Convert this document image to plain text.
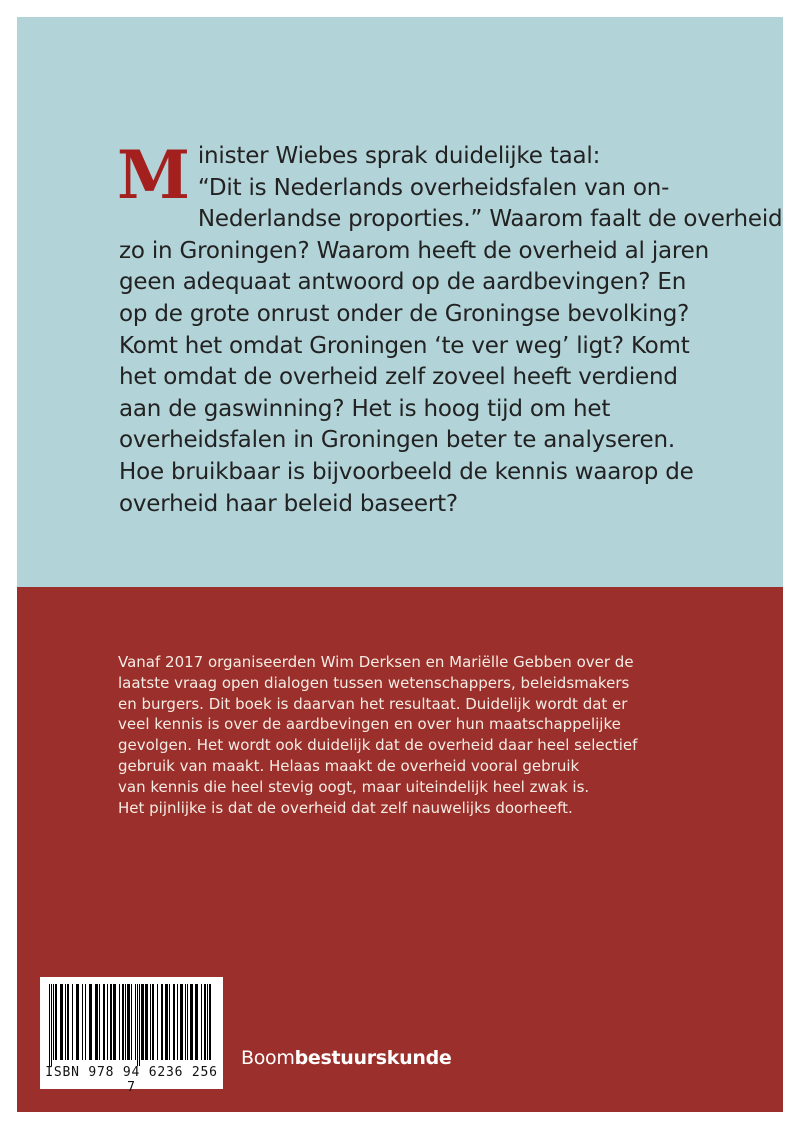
M inister Wiebes sprak duidelijke taal:
“Dit is Nederlands overheidsfalen van on-
Nederlandse proporties.” Waarom faalt de overheid
zo in Groningen? Waarom heeft de overheid al jaren
geen adequaat antwoord op de aardbevingen? En
op de grote onrust onder de Groningse bevolking?
Komt het omdat Groningen ‘te ver weg’ ligt? Komt
het omdat de overheid zelf zoveel heeft verdiend
aan de gaswinning? Het is hoog tijd om het
overheidsfalen in Groningen beter te analyseren.
Hoe bruikbaar is bijvoorbeeld de kennis waarop de
overheid haar beleid baseert?
Vanaf 2017 organiseerden Wim Derksen en Mariëlle Gebben over de
laatste vraag open dialogen tussen wetenschappers, beleidsmakers
en burgers. Dit boek is daarvan het resultaat. Duidelijk wordt dat er
veel kennis is over de aardbevingen en over hun maatschappelijke
gevolgen. Het wordt ook duidelijk dat de overheid daar heel selectief
gebruik van maakt. Helaas maakt de overheid vooral gebruik
van kennis die heel stevig oogt, maar uiteindelijk heel zwak is.
Het pijnlijke is dat de overheid dat zelf nauwelijks doorheeft.
ISBN 978 94 6236 256 7
Boombestuurskunde
